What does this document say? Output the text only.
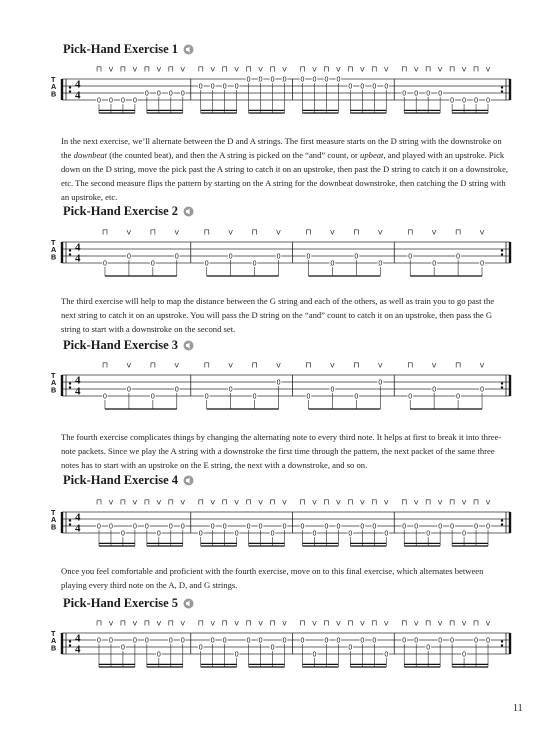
Pick-Hand Exercise 1
T
A
B
4
4 0
⊓
0
V
0
⊓
0
V
0
⊓
0
V
0
⊓
0
V
0
⊓
0
V
0
⊓
0
V
0
⊓
0
V
0
⊓
0
V
0
⊓
0
V
0
⊓
0
V
0
⊓
0
V
0
⊓
0
V
0
⊓
0
V
0
⊓
0
V
0
⊓
0
V
0
⊓
0
V

In the next exercise, we’ll alternate between the D and A strings. The first measure starts on the D string with the downstroke on the downbeat (the counted beat), and then the A string is picked on the “and” count, or upbeat, and played with an upstroke. Pick down on the D string, move the pick past the A string to catch it on an upstroke, then past the D string to catch it on a downstroke, etc. The second measure flips the pattern by starting on the A string for the downbeat downstroke, then catching the D string with an upstroke, etc.

Pick-Hand Exercise 2
T
A
B
4
4	0
⊓
0
V
0
⊓
0
V
0
⊓
0
V
0
⊓
0
V
0
⊓
0
V
0
⊓
0
V
0
⊓
0
V
0
⊓
0
V

The third exercise will help to map the distance between the G string and each of the others, as well as train you to go past the next string to catch it on an upstroke. You will pass the D string on the “and” count to catch it on an upstroke, then pass the G string to start with a downstroke on the second set.

Pick-Hand Exercise 3
T
A
B
4
4	0
⊓
0
V
0
⊓
0
V
0
⊓
0
V
0
⊓
0
V
0
⊓
0
V
0
⊓
0
V
0
⊓
0
V
0
⊓
0
V

The fourth exercise complicates things by changing the alternating note to every third note. It helps at first to break it into three-note packets. Since we play the A string with a downstroke the first time through the pattern, the next packet of the same three notes has to start with an upstroke on the E string, the next with a downstroke, and so on.

Pick-Hand Exercise 4
T
A
B
4
4 0
⊓
0
V
0
⊓
0
V
0
⊓
0
V
0
⊓
0
V
0
⊓
0
V
0
⊓
0
V
0
⊓
0
V
0
⊓
0
V
0
⊓
0
V
0
⊓
0
V
0
⊓
0
V
0
⊓
0
V
0
⊓
0
V
0
⊓
0
V
0
⊓
0
V
0
⊓
0
V

Once you feel comfortable and proficient with the fourth exercise, move on to this final exercise, which alternates between playing every third note on the A, D, and G strings.

Pick-Hand Exercise 5
T
A
B
4
4
0
⊓
0
V
0
⊓
0
V
0
⊓
0
V
0
⊓
0
V
0
⊓
0
V
0
⊓
0
V
0
⊓
0
V
0
⊓
0
V
0
⊓
0
V
0
⊓
0
V
0
⊓
0
V
0
⊓
0
V
0
⊓
0
V
0
⊓
0
V
0
⊓
0
V
0
⊓
0
V
11
